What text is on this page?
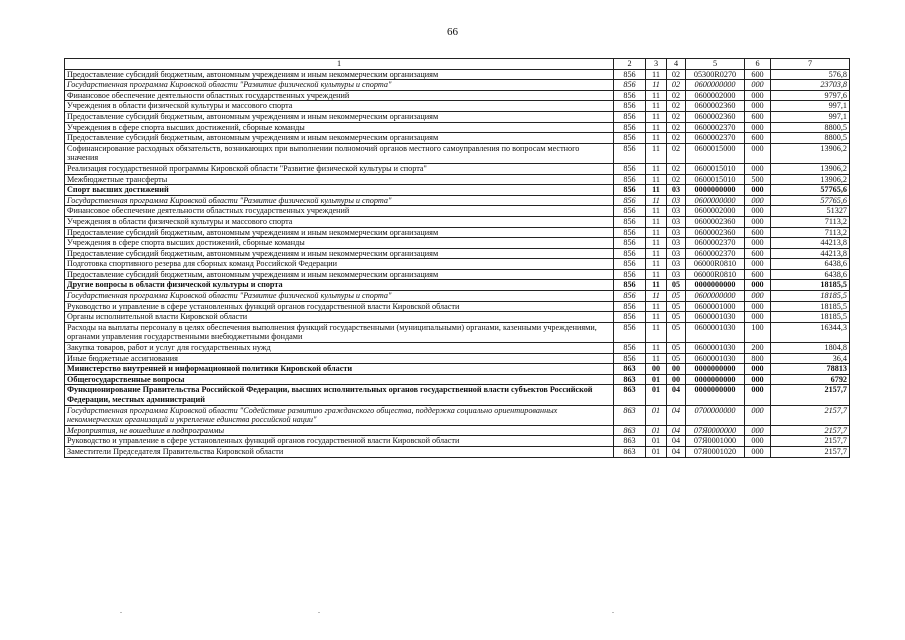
66
1	2	3	4	5	6	7
Предоставление субсидий бюджетным, автономным учреждениям и иным некоммерческим организациям	856	11	02	05300R0270	600	576,8
Государственная программа Кировской области "Развитие физической культуры и спорта"	856	11	02	0600000000	000	23703,8
Финансовое обеспечение деятельности областных государственных учреждений	856	11	02	0600002000	000	9797,6
Учреждения в области физической культуры и массового спорта	856	11	02	0600002360	000	997,1
Предоставление субсидий бюджетным, автономным учреждениям и иным некоммерческим организациям	856	11	02	0600002360	600	997,1
Учреждения в сфере спорта высших достижений, сборные команды	856	11	02	0600002370	000	8800,5
Предоставление субсидий бюджетным, автономным учреждениям и иным некоммерческим организациям	856	11	02	0600002370	600	8800,5
Софинансирование расходных обязательств, возникающих при выполнении полномочий органов местного самоуправления по вопросам местного значения	856	11	02	0600015000	000	13906,2
Реализация государственной программы Кировской области "Развитие физической культуры и спорта"	856	11	02	0600015010	000	13906,2
Межбюджетные трансферты	856	11	02	0600015010	500	13906,2
Спорт высших достижений	856	11	03	0000000000	000	57765,6
Государственная программа Кировской области "Развитие физической культуры и спорта"	856	11	03	0600000000	000	57765,6
Финансовое обеспечение деятельности областных государственных учреждений	856	11	03	0600002000	000	51327
Учреждения в области физической культуры и массового спорта	856	11	03	0600002360	000	7113,2
Предоставление субсидий бюджетным, автономным учреждениям и иным некоммерческим организациям	856	11	03	0600002360	600	7113,2
Учреждения в сфере спорта высших достижений, сборные команды	856	11	03	0600002370	000	44213,8
Предоставление субсидий бюджетным, автономным учреждениям и иным некоммерческим организациям	856	11	03	0600002370	600	44213,8
Подготовка спортивного резерва для сборных команд Российской Федерации	856	11	03	06000R0810	000	6438,6
Предоставление субсидий бюджетным, автономным учреждениям и иным некоммерческим организациям	856	11	03	06000R0810	600	6438,6
Другие вопросы в области физической культуры и спорта	856	11	05	0000000000	000	18185,5
Государственная программа Кировской области "Развитие физической культуры и спорта"	856	11	05	0600000000	000	18185,5
Руководство и управление в сфере установленных функций органов государственной власти Кировской области	856	11	05	0600001000	000	18185,5
Органы исполнительной власти Кировской области	856	11	05	0600001030	000	18185,5
Расходы на выплаты персоналу в целях обеспечения выполнения функций государственными (муниципальными) органами, казенными учреждениями, органами управления государственными внебюджетными фондами	856	11	05	0600001030	100	16344,3
Закупка товаров, работ и услуг для государственных нужд	856	11	05	0600001030	200	1804,8
Иные бюджетные ассигнования	856	11	05	0600001030	800	36,4
Министерство внутренней и информационной политики Кировской области	863	00	00	0000000000	000	78813
Общегосударственные вопросы	863	01	00	0000000000	000	6792
Функционирование Правительства Российской Федерации, высших исполнительных органов государственной власти субъектов Российской Федерации, местных администраций	863	01	04	0000000000	000	2157,7
Государственная программа Кировской области "Содействие развитию гражданского общества, поддержка социально ориентированных некоммерческих организаций и укрепление единства российской нации"	863	01	04	0700000000	000	2157,7
Мероприятия, не вошедшие в подпрограммы	863	01	04	07Я0000000	000	2157,7
Руководство и управление в сфере установленных функций органов государственной власти Кировской области	863	01	04	07Я0001000	000	2157,7
Заместители Председателя Правительства Кировской области	863	01	04	07Я0001020	000	2157,7
